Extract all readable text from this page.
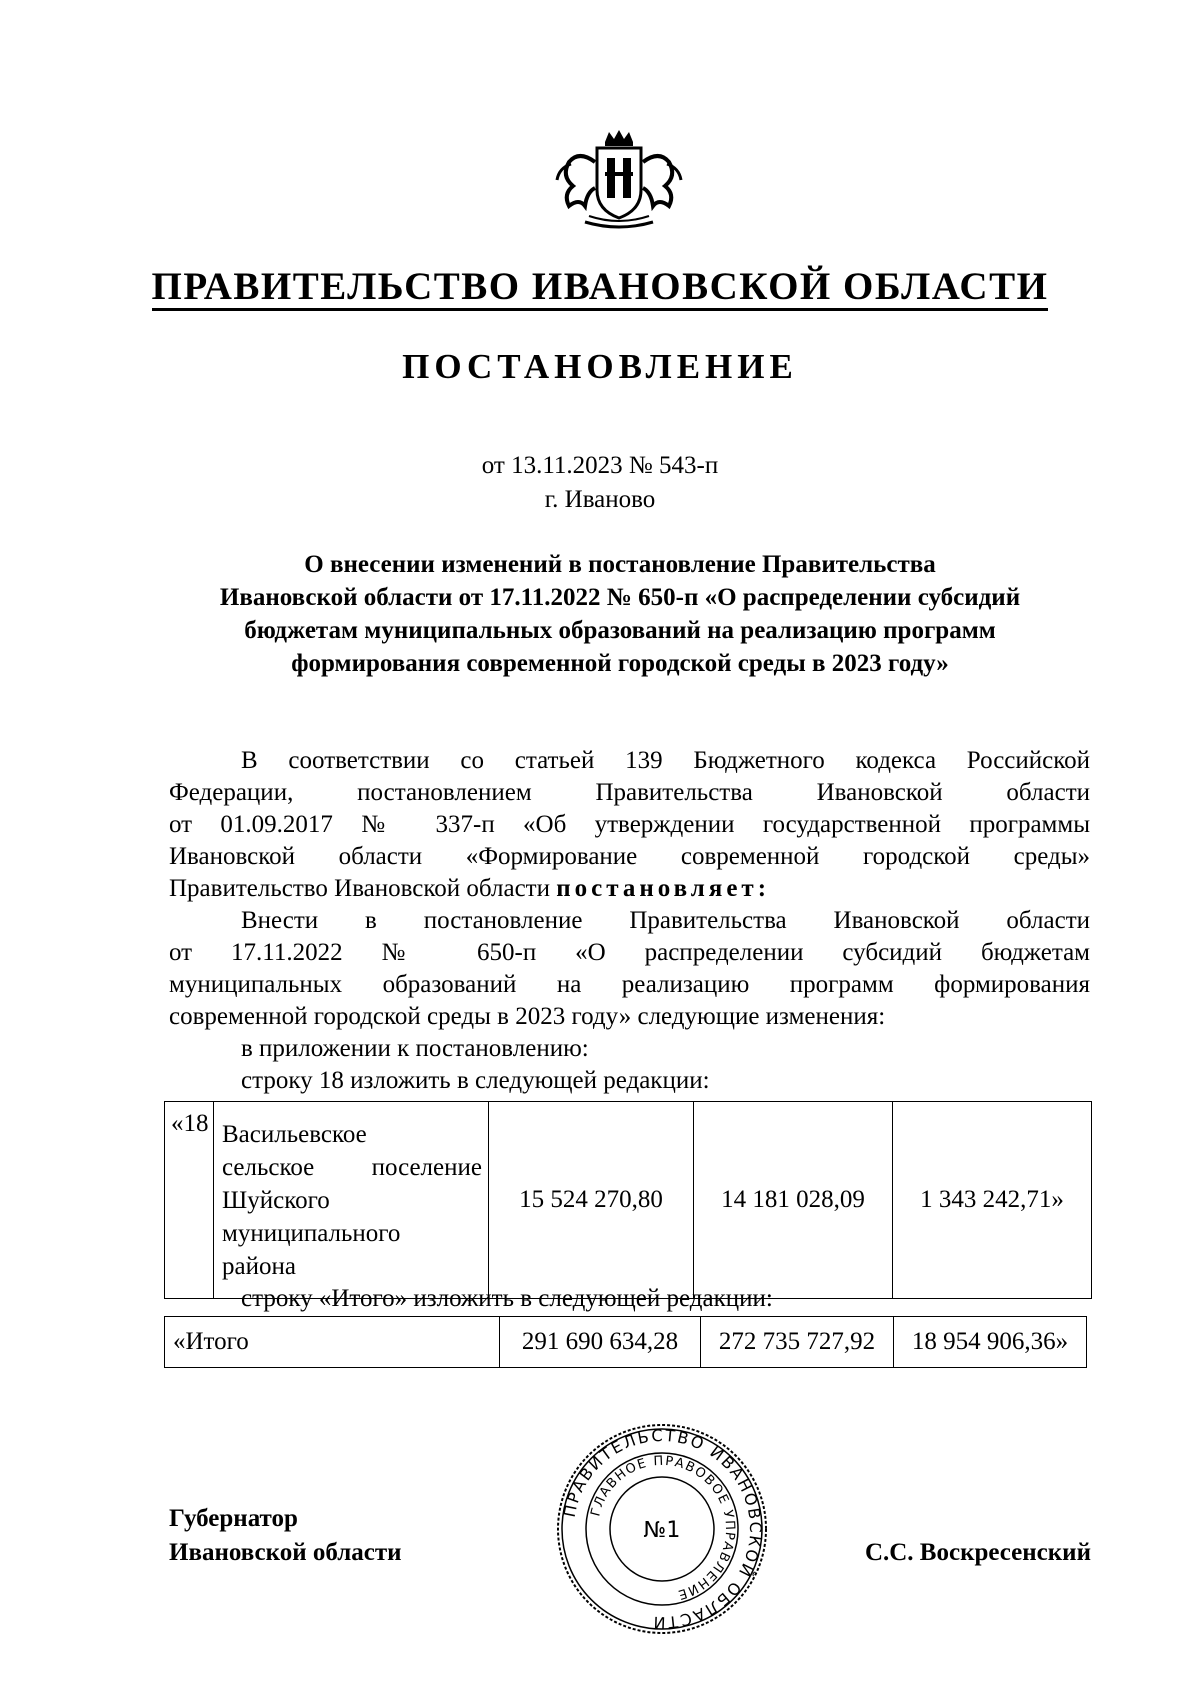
ПРАВИТЕЛЬСТВО ИВАНОВСКОЙ ОБЛАСТИ
ПОСТАНОВЛЕНИЕ
от 13.11.2023 № 543-п
г. Иваново
О внесении изменений в постановление Правительства
Ивановской области от 17.11.2022 № 650-п «О распределении субсидий
бюджетам муниципальных образований на реализацию программ
формирования современной городской среды в 2023 году»
В соответствии со статьей 139 Бюджетного кодекса Российской
Федерации, постановлением Правительства Ивановской области
от 01.09.2017 № 337-п «Об утверждении государственной программы
Ивановской области «Формирование современной городской среды»
Правительство Ивановской области постановляет:
Внести в постановление Правительства Ивановской области
от 17.11.2022 № 650-п «О распределении субсидий бюджетам
муниципальных образований на реализацию программ формирования
современной городской среды в 2023 году» следующие изменения:
в приложении к постановлению:
строку 18 изложить в следующей редакции:
«18	Васильевское
сельское поселение
Шуйского
муниципального
района
	15 524 270,80	14 181 028,09	1 343 242,71»
строку «Итого» изложить в следующей редакции:
«Итого	291 690 634,28	272 735 727,92	18 954 906,36»
Губернатор
Ивановской области	С.С. Воскресенский
ПРАВИТЕЛЬСТВО ИВАНОВСКОЙ ОБЛАСТИ
ГЛАВНОЕ ПРАВОВОЕ УПРАВЛЕНИЕ
№1
